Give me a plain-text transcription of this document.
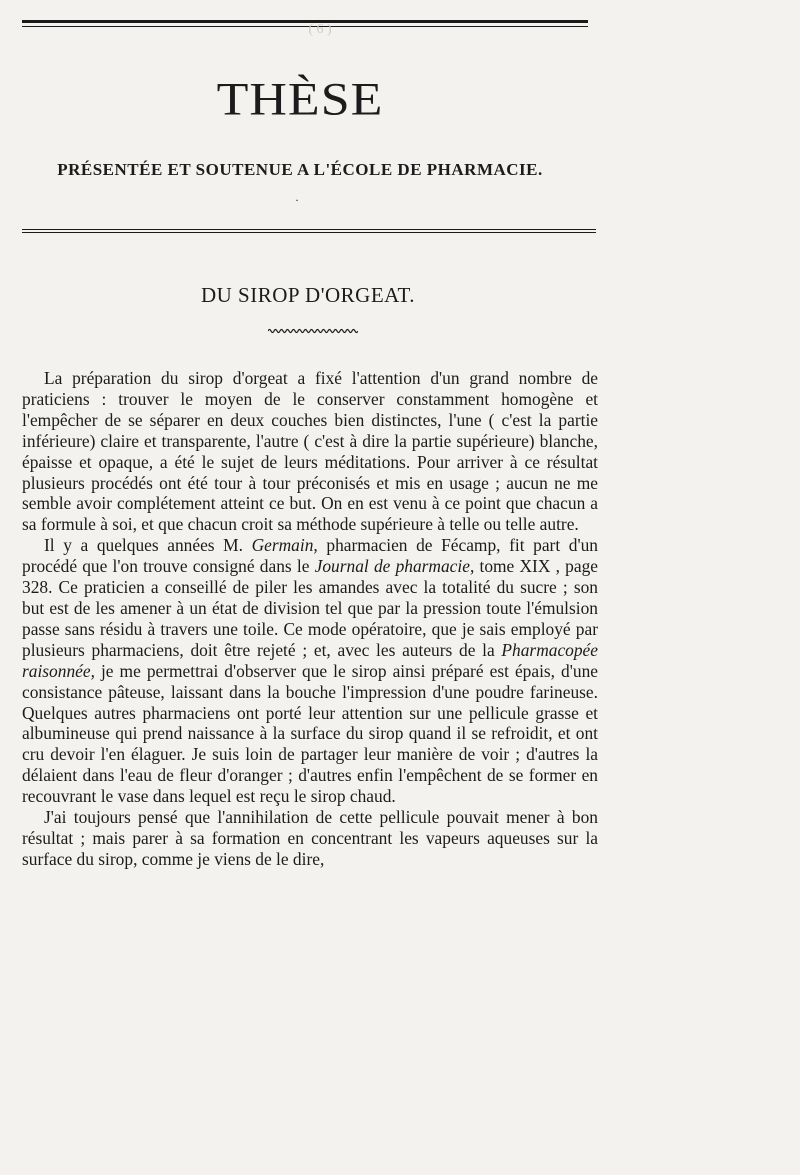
( 6 )
THÈSE
PRÉSENTÉE ET SOUTENUE A L'ÉCOLE DE PHARMACIE.
·
DU SIROP D'ORGEAT.

La préparation du sirop d'orgeat a fixé l'attention d'un grand nombre de praticiens : trouver le moyen de le conserver constamment homogène et l'empêcher de se séparer en deux couches bien distinctes, l'une ( c'est la partie inférieure) claire et transparente, l'autre ( c'est à dire la partie supérieure) blanche, épaisse et opaque, a été le sujet de leurs méditations. Pour arriver à ce résultat plusieurs procédés ont été tour à tour préconisés et mis en usage ; aucun ne me semble avoir complétement atteint ce but. On en est venu à ce point que chacun a sa formule à soi, et que chacun croit sa méthode supérieure à telle ou telle autre.

Il y a quelques années M. Germain, pharmacien de Fécamp, fit part d'un procédé que l'on trouve consigné dans le Journal de pharmacie, tome XIX , page 328. Ce praticien a conseillé de piler les amandes avec la totalité du sucre ; son but est de les amener à un état de division tel que par la pression toute l'émulsion passe sans résidu à travers une toile. Ce mode opératoire, que je sais employé par plusieurs pharmaciens, doit être rejeté ; et, avec les auteurs de la Pharmacopée raisonnée, je me permettrai d'observer que le sirop ainsi préparé est épais, d'une consistance pâteuse, laissant dans la bouche l'impression d'une poudre farineuse. Quelques autres pharmaciens ont porté leur attention sur une pellicule grasse et albumineuse qui prend naissance à la surface du sirop quand il se refroidit, et ont cru devoir l'en élaguer. Je suis loin de partager leur manière de voir ; d'autres la délaient dans l'eau de fleur d'oranger ; d'autres enfin l'empêchent de se former en recouvrant le vase dans lequel est reçu le sirop chaud.

J'ai toujours pensé que l'annihilation de cette pellicule pouvait mener à bon résultat ; mais parer à sa formation en concentrant les vapeurs aqueuses sur la surface du sirop, comme je viens de le dire,
